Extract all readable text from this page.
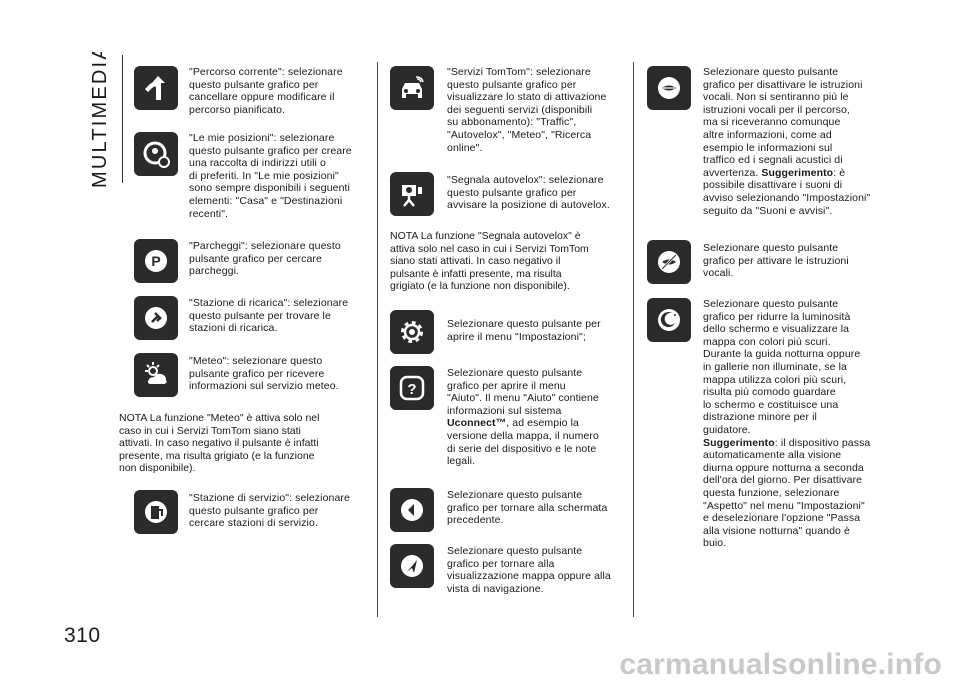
MULTIMEDIA	"Percorso corrente": selezionare
questo pulsante grafico per
cancellare oppure modificare il
percorso pianificato.
"Le mie posizioni": selezionare
questo pulsante grafico per creare
una raccolta di indirizzi utili o
di preferiti. In "Le mie posizioni"
sono sempre disponibili i seguenti
elementi: "Casa" e "Destinazioni
recenti".
P
"Parcheggi": selezionare questo
pulsante grafico per cercare
parcheggi.
"Stazione di ricarica": selezionare
questo pulsante per trovare le
stazioni di ricarica.
"Meteo": selezionare questo
pulsante grafico per ricevere
informazioni sul servizio meteo.
NOTA La funzione "Meteo" è attiva solo nel
caso in cui i Servizi TomTom siano stati
attivati. In caso negativo il pulsante è infatti
presente, ma risulta grigiato (e la funzione
non disponibile).
"Stazione di servizio": selezionare
questo pulsante grafico per
cercare stazioni di servizio.
"Servizi TomTom": selezionare
questo pulsante grafico per
visualizzare lo stato di attivazione
dei seguenti servizi (disponibili
su abbonamento): "Traffic",
"Autovelox", "Meteo", "Ricerca
online".
"Segnala autovelox": selezionare
questo pulsante grafico per
avvisare la posizione di autovelox.
NOTA La funzione "Segnala autovelox" è
attiva solo nel caso in cui i Servizi TomTom
siano stati attivati. In caso negativo il
pulsante è infatti presente, ma risulta
grigiato (e la funzione non disponibile).
Selezionare questo pulsante per
aprire il menu "Impostazioni";
?
Selezionare questo pulsante
grafico per aprire il menu
"Aiuto". Il menu "Aiuto" contiene
informazioni sul sistema
Uconnect™, ad esempio la
versione della mappa, il numero
di serie del dispositivo e le note
legali.
Selezionare questo pulsante
grafico per tornare alla schermata
precedente.
Selezionare questo pulsante
grafico per tornare alla
visualizzazione mappa oppure alla
vista di navigazione.
Selezionare questo pulsante
grafico per disattivare le istruzioni
vocali. Non si sentiranno più le
istruzioni vocali per il percorso,
ma si riceveranno comunque
altre informazioni, come ad
esempio le informazioni sul
traffico ed i segnali acustici di
avvertenza. Suggerimento: è
possibile disattivare i suoni di
avviso selezionando "Impostazioni"
seguito da "Suoni e avvisi".
Selezionare questo pulsante
grafico per attivare le istruzioni
vocali.
Selezionare questo pulsante
grafico per ridurre la luminosità
dello schermo e visualizzare la
mappa con colori più scuri.
Durante la guida notturna oppure
in gallerie non illuminate, se la
mappa utilizza colori più scuri,
risulta più comodo guardare
lo schermo e costituisce una
distrazione minore per il
guidatore.
Suggerimento: il dispositivo passa
automaticamente alla visione
diurna oppure notturna a seconda
dell'ora del giorno. Per disattivare
questa funzione, selezionare
"Aspetto" nel menu "Impostazioni"
e deselezionare l'opzione "Passa
alla visione notturna" quando è
buio.
310
carmanualsonline.info
